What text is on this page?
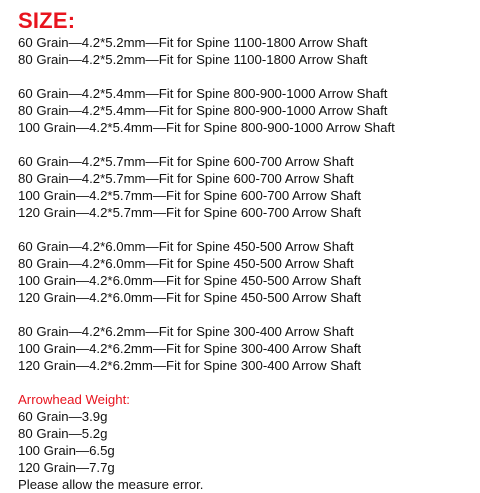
SIZE:

60 Grain—4.2*5.2mm—Fit for Spine 1100-1800 Arrow Shaft

80 Grain—4.2*5.2mm—Fit for Spine 1100-1800 Arrow Shaft

60 Grain—4.2*5.4mm—Fit for Spine 800-900-1000 Arrow Shaft

80 Grain—4.2*5.4mm—Fit for Spine 800-900-1000 Arrow Shaft

100 Grain—4.2*5.4mm—Fit for Spine 800-900-1000 Arrow Shaft

60 Grain—4.2*5.7mm—Fit for Spine 600-700 Arrow Shaft

80 Grain—4.2*5.7mm—Fit for Spine 600-700 Arrow Shaft

100 Grain—4.2*5.7mm—Fit for Spine 600-700 Arrow Shaft

120 Grain—4.2*5.7mm—Fit for Spine 600-700 Arrow Shaft

60 Grain—4.2*6.0mm—Fit for Spine 450-500 Arrow Shaft

80 Grain—4.2*6.0mm—Fit for Spine 450-500 Arrow Shaft

100 Grain—4.2*6.0mm—Fit for Spine 450-500 Arrow Shaft

120 Grain—4.2*6.0mm—Fit for Spine 450-500 Arrow Shaft

80 Grain—4.2*6.2mm—Fit for Spine 300-400 Arrow Shaft

100 Grain—4.2*6.2mm—Fit for Spine 300-400 Arrow Shaft

120 Grain—4.2*6.2mm—Fit for Spine 300-400 Arrow Shaft

Arrowhead Weight:

60 Grain—3.9g

80 Grain—5.2g

100 Grain—6.5g

120 Grain—7.7g

Please allow the measure error.
